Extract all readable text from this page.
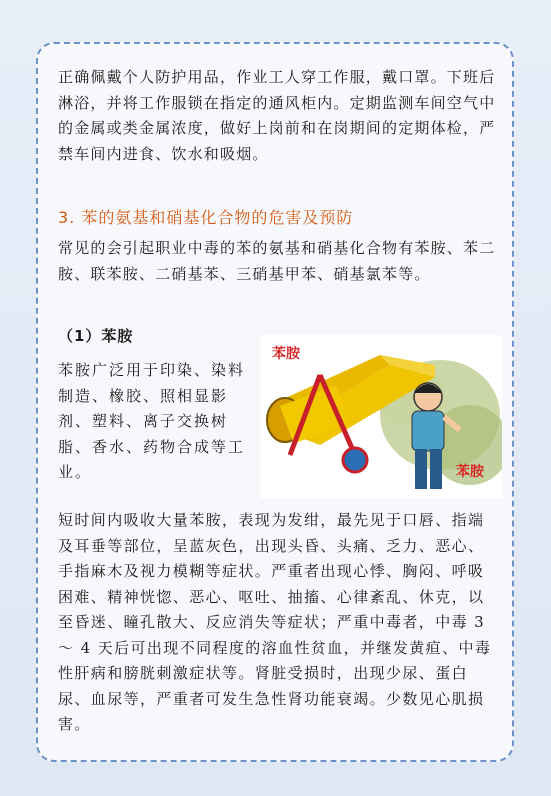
正确佩戴个人防护用品，作业工人穿工作服，戴口罩。下班后淋浴，并将工作服锁在指定的通风柜内。定期监测车间空气中的金属或类金属浓度，做好上岗前和在岗期间的定期体检，严禁车间内进食、饮水和吸烟。
3. 苯的氨基和硝基化合物的危害及预防
常见的会引起职业中毒的苯的氨基和硝基化合物有苯胺、苯二胺、联苯胺、二硝基苯、三硝基甲苯、硝基氯苯等。
（1）苯胺
苯胺广泛用于印染、染料制造、橡胶、照相显影剂、塑料、离子交换树脂、香水、药物合成等工业。
苯胺
苯胺
短时间内吸收大量苯胺，表现为发绀，最先见于口唇、指端及耳垂等部位，呈蓝灰色，出现头昏、头痛、乏力、恶心、手指麻木及视力模糊等症状。严重者出现心悸、胸闷、呼吸困难、精神恍惚、恶心、呕吐、抽搐、心律紊乱、休克，以至昏迷、瞳孔散大、反应消失等症状；严重中毒者，中毒 3 ～ 4 天后可出现不同程度的溶血性贫血，并继发黄疸、中毒性肝病和膀胱刺激症状等。肾脏受损时，出现少尿、蛋白尿、血尿等，严重者可发生急性肾功能衰竭。少数见心肌损害。
